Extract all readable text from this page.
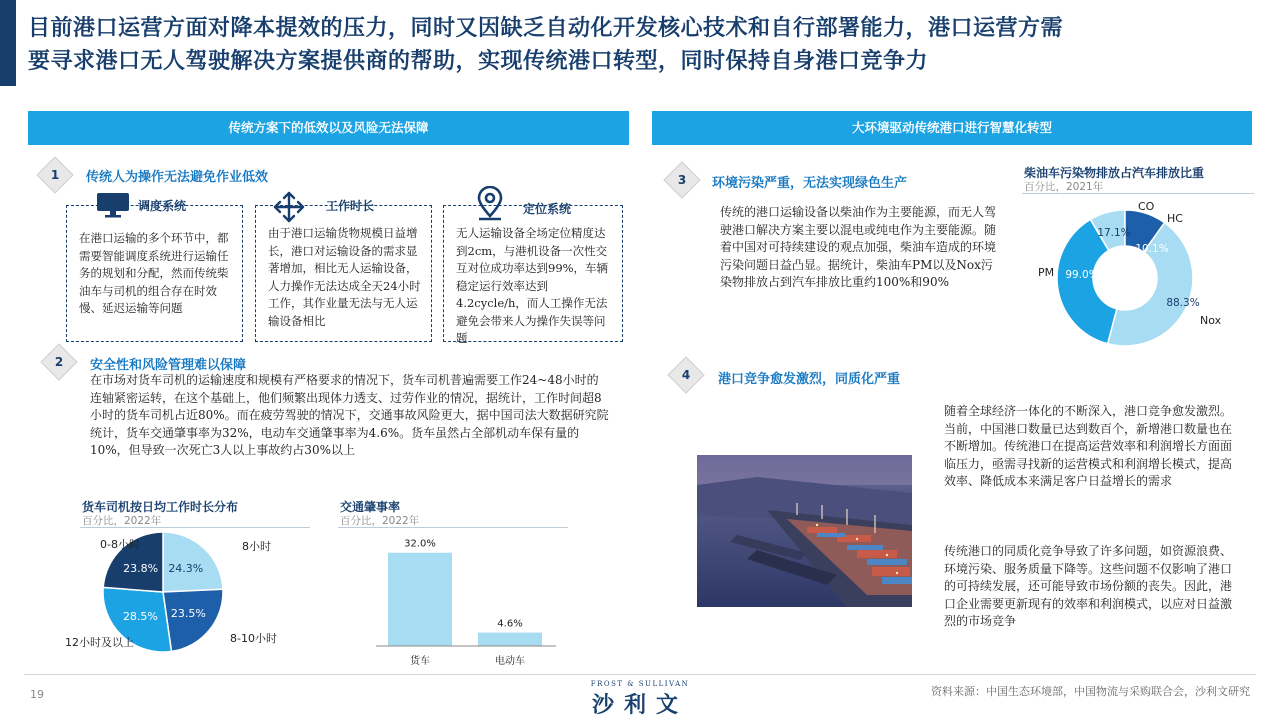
目前港口运营方面对降本提效的压力，同时又因缺乏自动化开发核心技术和自行部署能力，港口运营方需
要寻求港口无人驾驶解决方案提供商的帮助，实现传统港口转型，同时保持自身港口竞争力
传统方案下的低效以及风险无法保障
1	传统人为操作无法避免作业低效
调度系统
在港口运输的多个环节中，都需要智能调度系统进行运输任务的规划和分配，然而传统柴油车与司机的组合存在时效慢、延迟运输等问题
工作时长
由于港口运输货物规模日益增长，港口对运输设备的需求显著增加，相比无人运输设备，人力操作无法达成全天24小时工作，其作业量无法与无人运输设备相比
定位系统
无人运输设备全场定位精度达到2cm，与港机设备一次性交互对位成功率达到99%，车辆稳定运行效率达到4.2cycle/h，而人工操作无法避免会带来人为操作失误等问题
2	安全性和风险管理难以保障
在市场对货车司机的运输速度和规模有严格要求的情况下，货车司机普遍需要工作24~48小时的连轴紧密运转，在这个基础上，他们频繁出现体力透支、过劳作业的情况，据统计，工作时间超8小时的货车司机占近80%。而在疲劳驾驶的情况下，交通事故风险更大，据中国司法大数据研究院统计，货车交通肇事率为32%，电动车交通肇事率为4.6%。货车虽然占全部机动车保有量的10%，但导致一次死亡3人以上事故约占30%以上
货车司机按日均工作时长分布
百分比，2022年
24.3%
8小时
23.5%
8-10小时
28.5%
12小时及以上
23.8%
0-8小时
交通肇事率
百分比，2022年
32.0%
货车
4.6%
电动车
大环境驱动传统港口进行智慧化转型
3	环境污染严重，无法实现绿色生产
传统的港口运输设备以柴油作为主要能源，而无人驾驶港口解决方案主要以混电或纯电作为主要能源。随着中国对可持续建设的观点加强，柴油车造成的环境污染问题日益凸显。据统计，柴油车PM以及Nox污染物排放占到汽车排放比重约100%和90%
柴油车污染物排放占汽车排放比重
百分比，2021年
88.3%
99.0%
17.1%
10.1%
Nox
PM
CO
HC
4	港口竞争愈发激烈，同质化严重
随着全球经济一体化的不断深入，港口竞争愈发激烈。当前，中国港口数量已达到数百个，新增港口数量也在不断增加。传统港口在提高运营效率和利润增长方面面临压力，亟需寻找新的运营模式和利润增长模式，提高效率、降低成本来满足客户日益增长的需求
传统港口的同质化竞争导致了许多问题，如资源浪费、环境污染、服务质量下降等。这些问题不仅影响了港口的可持续发展，还可能导致市场份额的丧失。因此，港口企业需要更新现有的效率和利润模式，以应对日益激烈的市场竞争
19
FROST & SULLIVAN
沙利文
资料来源：中国生态环境部，中国物流与采购联合会，沙利文研究
